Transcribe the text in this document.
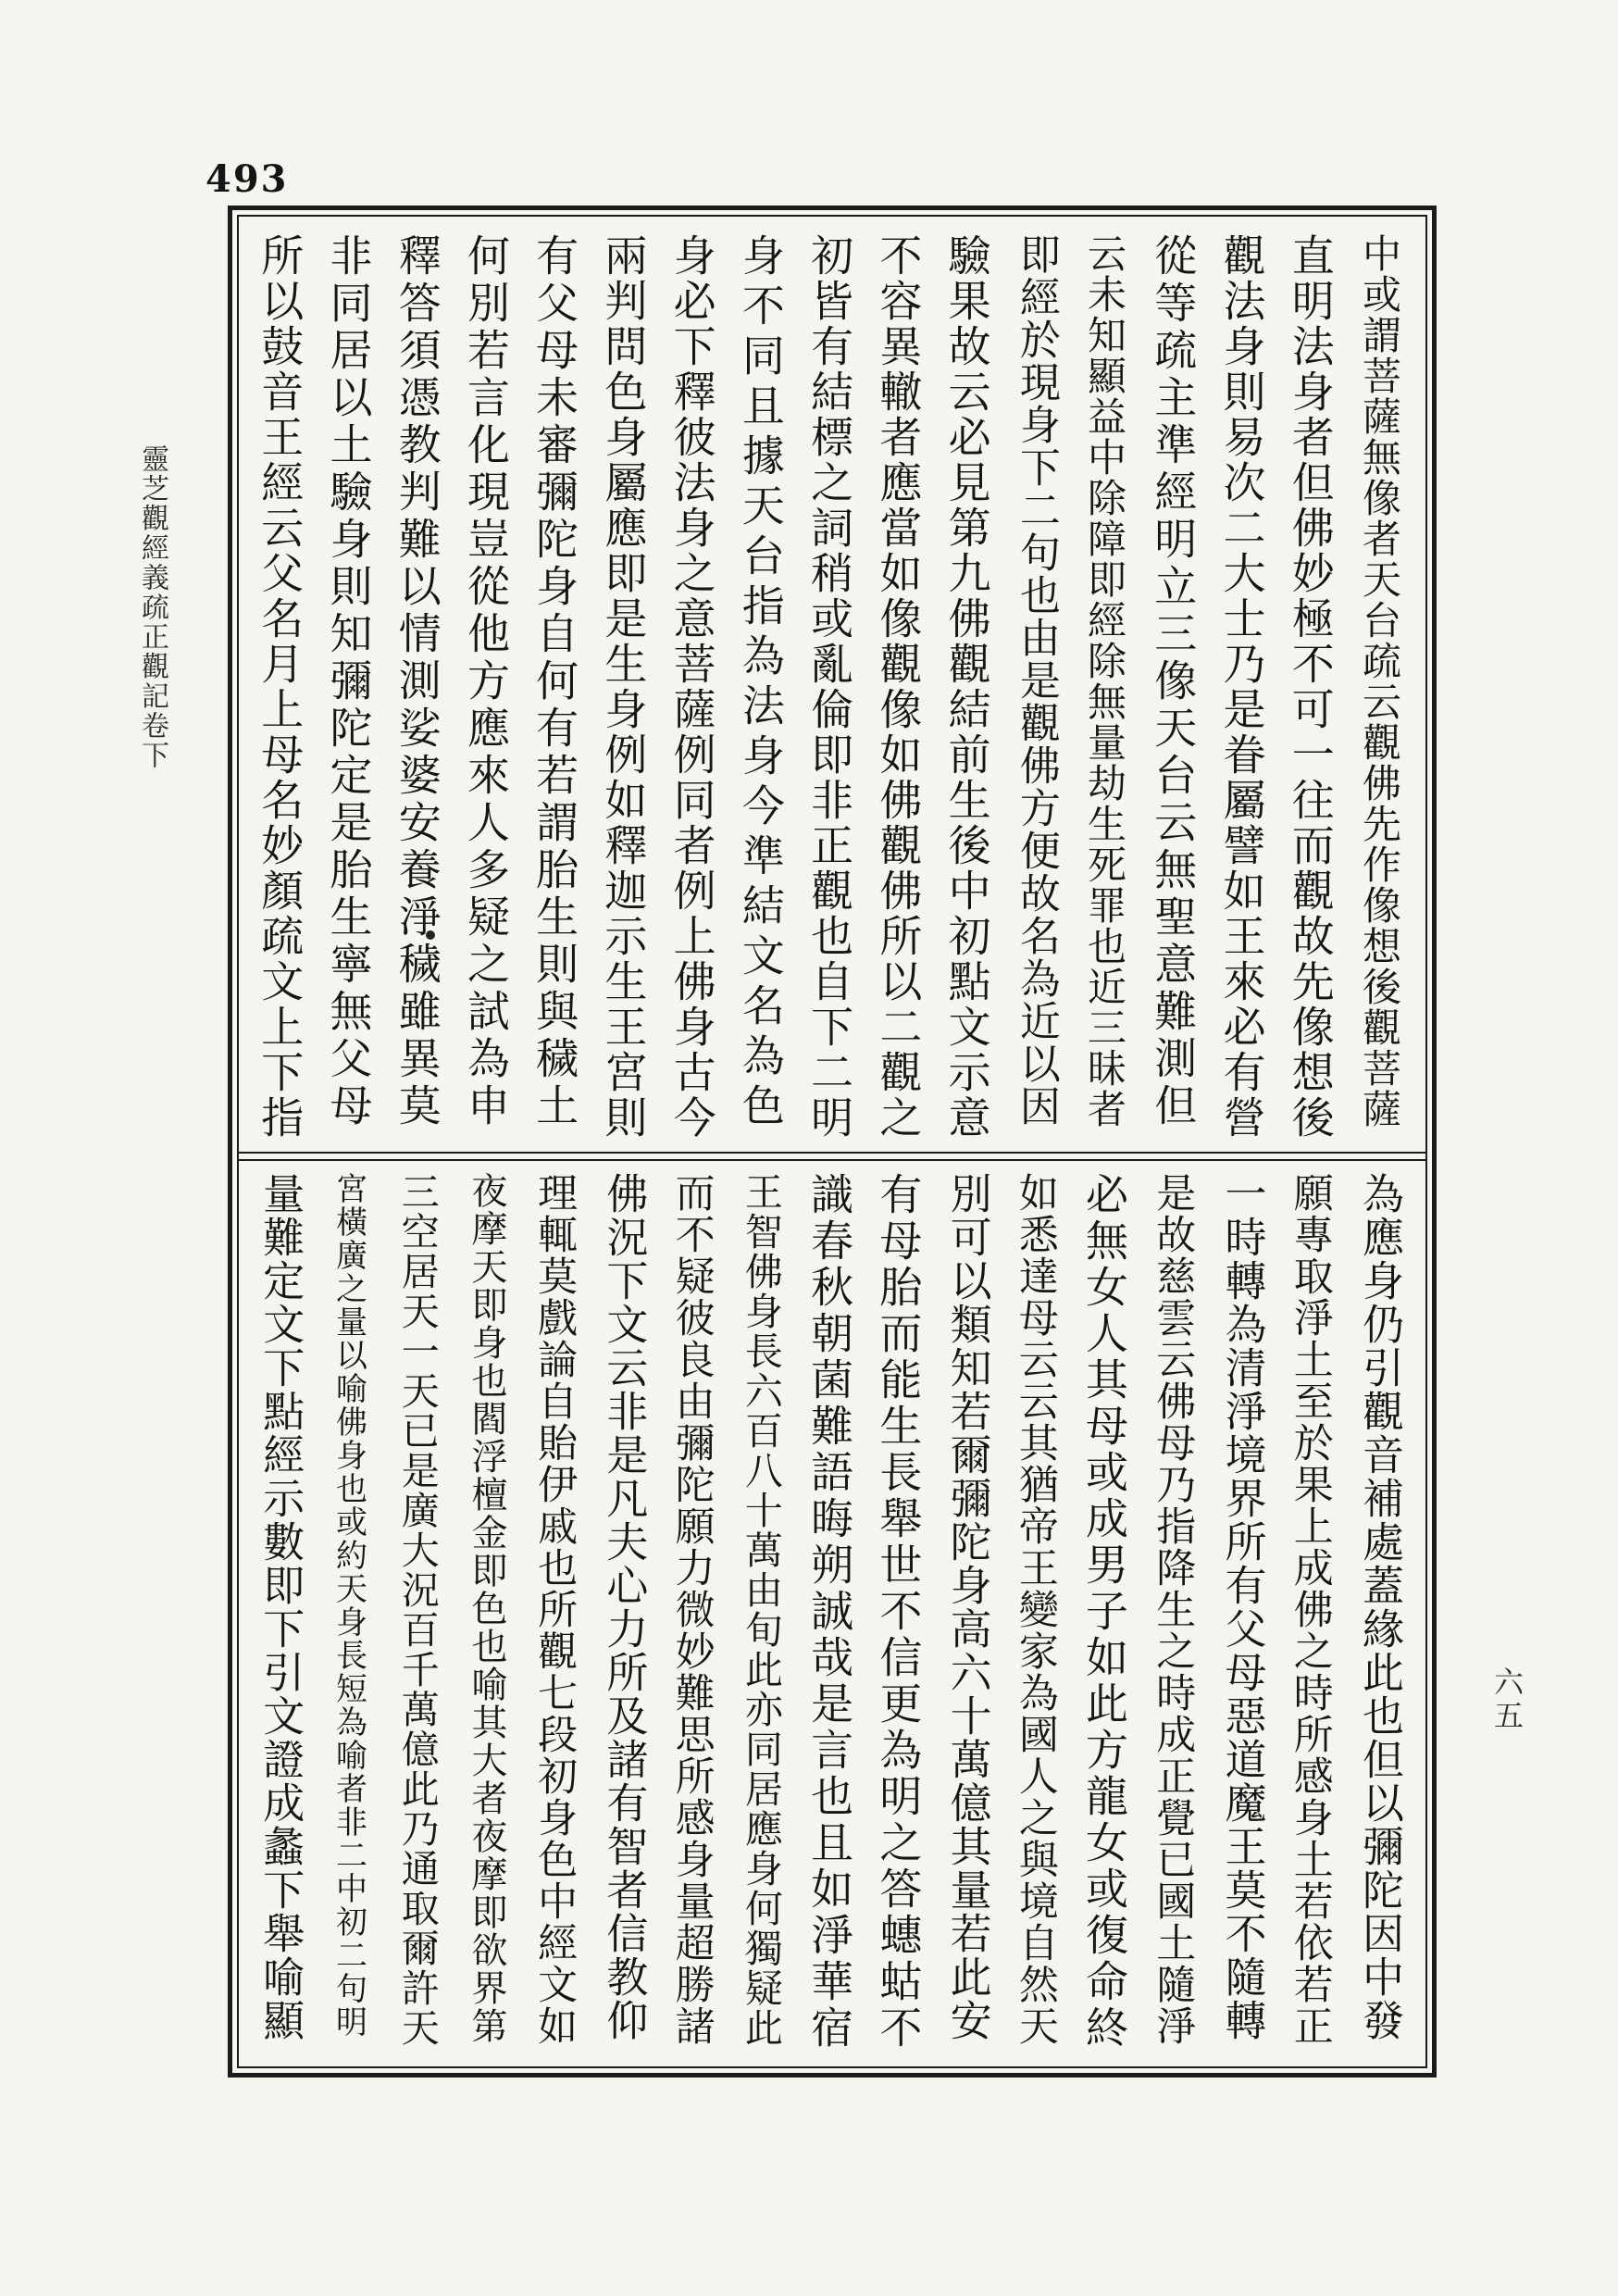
493
靈芝觀經義疏正觀記卷下
六五
中或謂菩薩無像者天台疏云觀佛先作像想後觀菩薩
直明法身者但佛妙極不可一往而觀故先像想後
觀法身則易次二大士乃是眷屬譬如王來必有營
從等疏主準經明立三像天台云無聖意難測但
云未知顯益中除障即經除無量劫生死罪也近三昧者
即經於現身下二句也由是觀佛方便故名為近以因
驗果故云必見第九佛觀結前生後中初點文示意
不容異轍者應當如像觀像如佛觀佛所以二觀之
初皆有結標之詞稍或亂倫即非正觀也自下二明
身不同且據天台指為法身今準結文名為色
身必下釋彼法身之意菩薩例同者例上佛身古今
兩判問色身屬應即是生身例如釋迦示生王宮則
有父母未審彌陀身自何有若謂胎生則與穢土
何別若言化現豈從他方應來人多疑之試為申
釋答須憑教判難以情測娑婆安養淨穢雖異莫
非同居以土驗身則知彌陀定是胎生寧無父母
所以鼓音王經云父名月上母名妙顏疏文上下指
為應身仍引觀音補處蓋緣此也但以彌陀因中發
願專取淨土至於果上成佛之時所感身土若依若正
一時轉為清淨境界所有父母惡道魔王莫不隨轉
是故慈雲云佛母乃指降生之時成正覺已國土隨淨
必無女人其母或成男子如此方龍女或復命終
如悉達母云云其猶帝王變家為國人之與境自然天
別可以類知若爾彌陀身高六十萬億其量若此安
有母胎而能生長舉世不信更為明之答蟪蛄不
識春秋朝菌難語晦朔誠哉是言也且如淨華宿
王智佛身長六百八十萬由旬此亦同居應身何獨疑此
而不疑彼良由彌陀願力微妙難思所感身量超勝諸
佛況下文云非是凡夫心力所及諸有智者信教仰
理輒莫戲論自貽伊戚也所觀七段初身色中經文如
夜摩天即身也閻浮檀金即色也喻其大者夜摩即欲界第
三空居天一天已是廣大況百千萬億此乃通取爾許天
宮橫廣之量以喻佛身也或約天身長短為喻者非二中初二句明
量難定文下點經示數即下引文證成蠡下舉喻顯
